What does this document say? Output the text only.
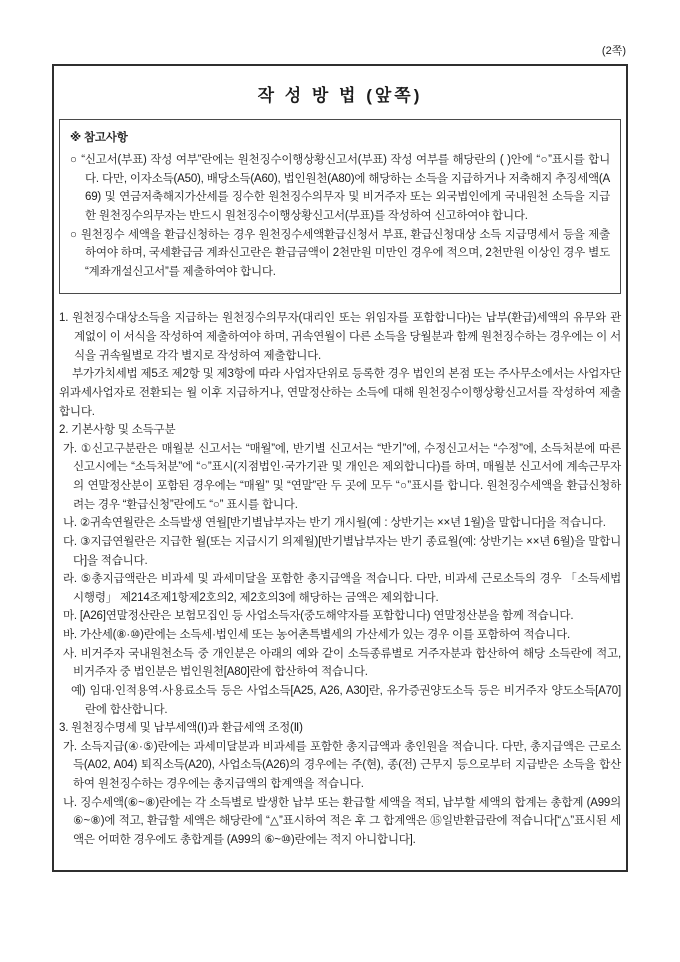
(2쪽)
작 성 방 법 (앞쪽)
※ 참고사항

○ “신고서(부표) 작성 여부”란에는 원천징수이행상황신고서(부표) 작성 여부를 해당란의 ( )안에 “○”표시를 합니다. 다만, 이자소득(A50), 배당소득(A60), 법인원천(A80)에 해당하는 소득을 지급하거나 저축해지 추징세액(A69) 및 연금저축해지가산세를 징수한 원천징수의무자 및 비거주자 또는 외국법인에게 국내원천 소득을 지급한 원천징수의무자는 반드시 원천징수이행상황신고서(부표)를 작성하여 신고하여야 합니다.

○ 원천징수 세액을 환급신청하는 경우 원천징수세액환급신청서 부표, 환급신청대상 소득 지급명세서 등을 제출하여야 하며, 국세환급금 계좌신고란은 환급금액이 2천만원 미만인 경우에 적으며, 2천만원 이상인 경우 별도 “계좌개설신고서”를 제출하여야 합니다.

1. 원천징수대상소득을 지급하는 원천징수의무자(대리인 또는 위임자를 포함합니다)는 납부(환급)세액의 유무와 관계없이 이 서식을 작성하여 제출하여야 하며, 귀속연월이 다른 소득을 당월분과 함께 원천징수하는 경우에는 이 서식을 귀속월별로 각각 별지로 작성하여 제출합니다.

부가가치세법 제5조 제2항 및 제3항에 따라 사업자단위로 등록한 경우 법인의 본점 또는 주사무소에서는 사업자단위과세사업자로 전환되는 월 이후 지급하거나, 연말정산하는 소득에 대해 원천징수이행상황신고서를 작성하여 제출합니다.

2. 기본사항 및 소득구분

가. ①신고구분란은 매월분 신고서는 “매월”에, 반기별 신고서는 “반기”에, 수정신고서는 “수정”에, 소득처분에 따른 신고시에는 “소득처분”에 “○”표시(지점법인·국가기관 및 개인은 제외합니다)를 하며, 매월분 신고서에 계속근무자의 연말정산분이 포함된 경우에는 “매월” 및 “연말”란 두 곳에 모두 “○”표시를 합니다. 원천징수세액을 환급신청하려는 경우 “환급신청”란에도 “○” 표시를 합니다.

나. ②귀속연월란은 소득발생 연월[반기별납부자는 반기 개시월(예 : 상반기는 ××년 1월)을 말합니다]을 적습니다.

다. ③지급연월란은 지급한 월(또는 지급시기 의제월)[반기별납부자는 반기 종료월(예: 상반기는 ××년 6월)을 말합니다]을 적습니다.

라. ⑤총지급액란은 비과세 및 과세미달을 포함한 총지급액을 적습니다. 다만, 비과세 근로소득의 경우 「소득세법 시행령」 제214조제1항제2호의2, 제2호의3에 해당하는 금액은 제외합니다.

마. [A26]연말정산란은 보험모집인 등 사업소득자(중도해약자를 포함합니다) 연말정산분을 함께 적습니다.

바. 가산세(⑧·⑩)란에는 소득세·법인세 또는 농어촌특별세의 가산세가 있는 경우 이를 포함하여 적습니다.

사. 비거주자 국내원천소득 중 개인분은 아래의 예와 같이 소득종류별로 거주자분과 합산하여 해당 소득란에 적고, 비거주자 중 법인분은 법인원천[A80]란에 합산하여 적습니다.

예) 임대·인적용역·사용료소득 등은 사업소득[A25, A26, A30]란, 유가증권양도소득 등은 비거주자 양도소득[A70]란에 합산합니다.

3. 원천징수명세 및 납부세액(Ⅰ)과 환급세액 조정(Ⅱ)

가. 소득지급(④·⑤)란에는 과세미달분과 비과세를 포함한 총지급액과 총인원을 적습니다. 다만, 총지급액은 근로소득(A02, A04) 퇴직소득(A20), 사업소득(A26)의 경우에는 주(현), 종(전) 근무지 등으로부터 지급받은 소득을 합산하여 원천징수하는 경우에는 총지급액의 합계액을 적습니다.

나. 징수세액(⑥~⑧)란에는 각 소득별로 발생한 납부 또는 환급할 세액을 적되, 납부할 세액의 합계는 총합계 (A99의 ⑥~⑧)에 적고, 환급할 세액은 해당란에 “△”표시하여 적은 후 그 합계액은 ⑮일반환급란에 적습니다[“△”표시된 세액은 어떠한 경우에도 총합계를 (A99의 ⑥~⑩)란에는 적지 아니합니다].
